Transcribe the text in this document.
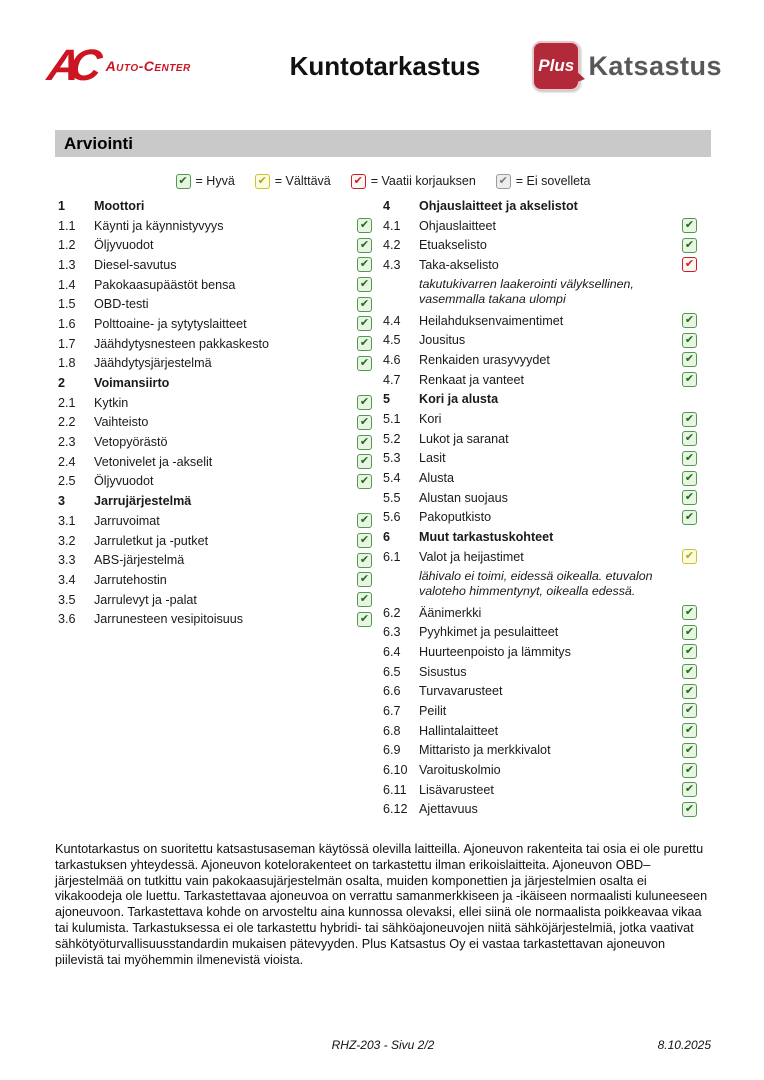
AC Auto-Center	Kuntotarkastus	Plus Katsastus
Arviointi
✔ = Hyvä ✔ = Välttävä ✔ = Vaatii korjauksen ✔ = Ei sovelleta
1	Moottori
1.1	Käynti ja käynnistyvyys	✔
1.2	Öljyvuodot	✔
1.3	Diesel-savutus	✔
1.4	Pakokaasupäästöt bensa	✔
1.5	OBD-testi	✔
1.6	Polttoaine- ja sytytyslaitteet	✔
1.7	Jäähdytysnesteen pakkaskesto	✔
1.8	Jäähdytysjärjestelmä	✔
2	Voimansiirto
2.1	Kytkin	✔
2.2	Vaihteisto	✔
2.3	Vetopyörästö	✔
2.4	Vetonivelet ja -akselit	✔
2.5	Öljyvuodot	✔
3	Jarrujärjestelmä
3.1	Jarruvoimat	✔
3.2	Jarruletkut ja -putket	✔
3.3	ABS-järjestelmä	✔
3.4	Jarrutehostin	✔
3.5	Jarrulevyt ja -palat	✔
3.6	Jarrunesteen vesipitoisuus	✔
4	Ohjauslaitteet ja akselistot
4.1	Ohjauslaitteet	✔
4.2	Etuakselisto	✔
4.3	Taka-akselisto	✔
takutukivarren laakerointi välyksellinen, vasemmalla takana ulompi
4.4	Heilahduksenvaimentimet	✔
4.5	Jousitus	✔
4.6	Renkaiden urasyvyydet	✔
4.7	Renkaat ja vanteet	✔
5	Kori ja alusta
5.1	Kori	✔
5.2	Lukot ja saranat	✔
5.3	Lasit	✔
5.4	Alusta	✔
5.5	Alustan suojaus	✔
5.6	Pakoputkisto	✔
6	Muut tarkastuskohteet
6.1	Valot ja heijastimet	✔
lähivalo ei toimi, eidessä oikealla. etuvalon valoteho himmentynyt, oikealla edessä.
6.2	Äänimerkki	✔
6.3	Pyyhkimet ja pesulaitteet	✔
6.4	Huurteenpoisto ja lämmitys	✔
6.5	Sisustus	✔
6.6	Turvavarusteet	✔
6.7	Peilit	✔
6.8	Hallintalaitteet	✔
6.9	Mittaristo ja merkkivalot	✔
6.10 Varoituskolmio	✔
6.11 Lisävarusteet	✔
6.12 Ajettavuus	✔
Kuntotarkastus on suoritettu katsastusaseman käytössä olevilla laitteilla. Ajoneuvon rakenteita tai osia ei ole purettu tarkastuksen yhteydessä. Ajoneuvon kotelorakenteet on tarkastettu ilman erikoislaitteita. Ajoneuvon OBD–järjestelmää on tutkittu vain pakokaasujärjestelmän osalta, muiden komponettien ja järjestelmien osalta ei vikakoodeja ole luettu. Tarkastettavaa ajoneuvoa on verrattu samanmerkkiseen ja -ikäiseen normaalisti kuluneeseen ajoneuvoon. Tarkastettava kohde on arvosteltu aina kunnossa olevaksi, ellei siinä ole normaalista poikkeavaa vikaa tai kulumista. Tarkastuksessa ei ole tarkastettu hybridi- tai sähköajoneuvojen niitä sähköjärjestelmiä, jotka vaativat sähkötyöturvallisuusstandardin mukaisen pätevyyden. Plus Katsastus Oy ei vastaa tarkastettavan ajoneuvon piilevistä tai myöhemmin ilmenevistä vioista.
RHZ-203 - Sivu 2/2	8.10.2025
